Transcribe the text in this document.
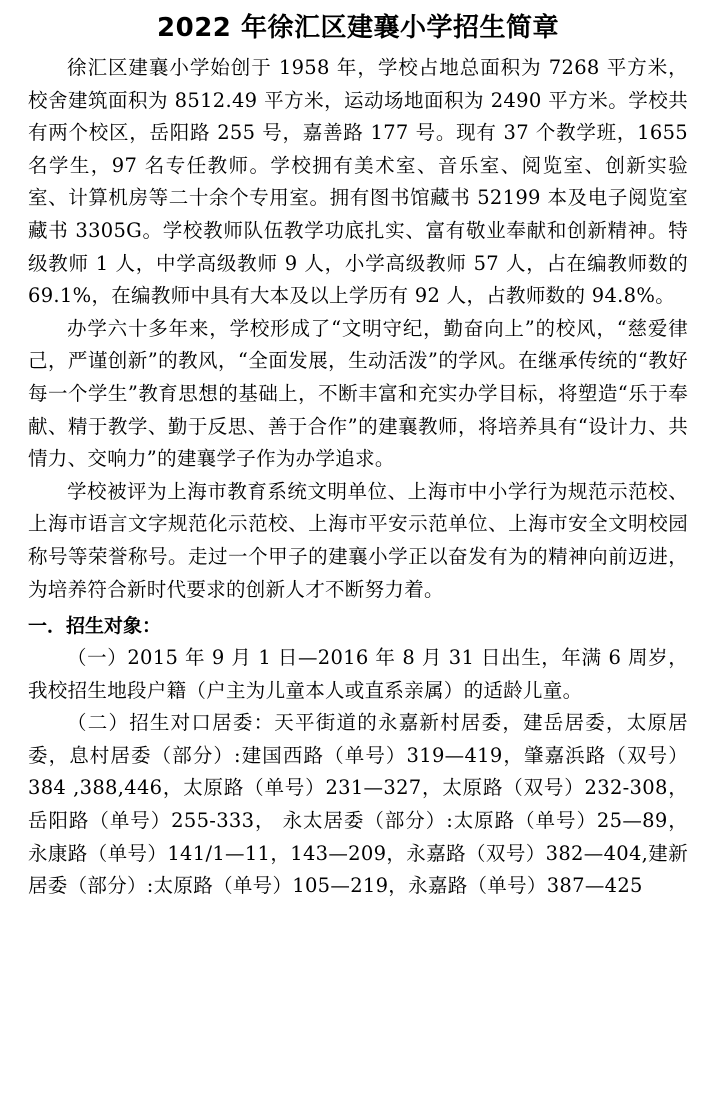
2022 年徐汇区建襄小学招生简章

徐汇区建襄小学始创于 1958 年，学校占地总面积为 7268 平方米，校舍建筑面积为 8512.49 平方米，运动场地面积为 2490 平方米。学校共有两个校区，岳阳路 255 号，嘉善路 177 号。现有 37 个教学班，1655 名学生，97 名专任教师。学校拥有美术室、音乐室、阅览室、创新实验室、计算机房等二十余个专用室。拥有图书馆藏书 52199 本及电子阅览室藏书 3305G。学校教师队伍教学功底扎实、富有敬业奉献和创新精神。特级教师 1 人，中学高级教师 9 人，小学高级教师 57 人，占在编教师数的 69.1%，在编教师中具有大本及以上学历有 92 人，占教师数的 94.8%。

办学六十多年来，学校形成了“文明守纪，勤奋向上”的校风，“慈爱律己，严谨创新”的教风，“全面发展，生动活泼”的学风。在继承传统的“教好每一个学生”教育思想的基础上，不断丰富和充实办学目标，将塑造“乐于奉献、精于教学、勤于反思、善于合作”的建襄教师，将培养具有“设计力、共情力、交响力”的建襄学子作为办学追求。

学校被评为上海市教育系统文明单位、上海市中小学行为规范示范校、上海市语言文字规范化示范校、上海市平安示范单位、上海市安全文明校园称号等荣誉称号。走过一个甲子的建襄小学正以奋发有为的精神向前迈进，为培养符合新时代要求的创新人才不断努力着。

一．招生对象：

（一）2015 年 9 月 1 日—2016 年 8 月 31 日出生，年满 6 周岁，我校招生地段户籍（户主为儿童本人或直系亲属）的适龄儿童。

（二）招生对口居委：天平街道的永嘉新村居委，建岳居委，太原居委，息村居委（部分）:建国西路（单号）319—419，肇嘉浜路（双号）384 ,388,446，太原路（单号）231—327，太原路（双号）232-308，岳阳路（单号）255-333， 永太居委（部分）:太原路（单号）25—89，永康路（单号）141/1—11，143—209，永嘉路（双号）382—404,建新居委（部分）:太原路（单号）105—219，永嘉路（单号）387—425
